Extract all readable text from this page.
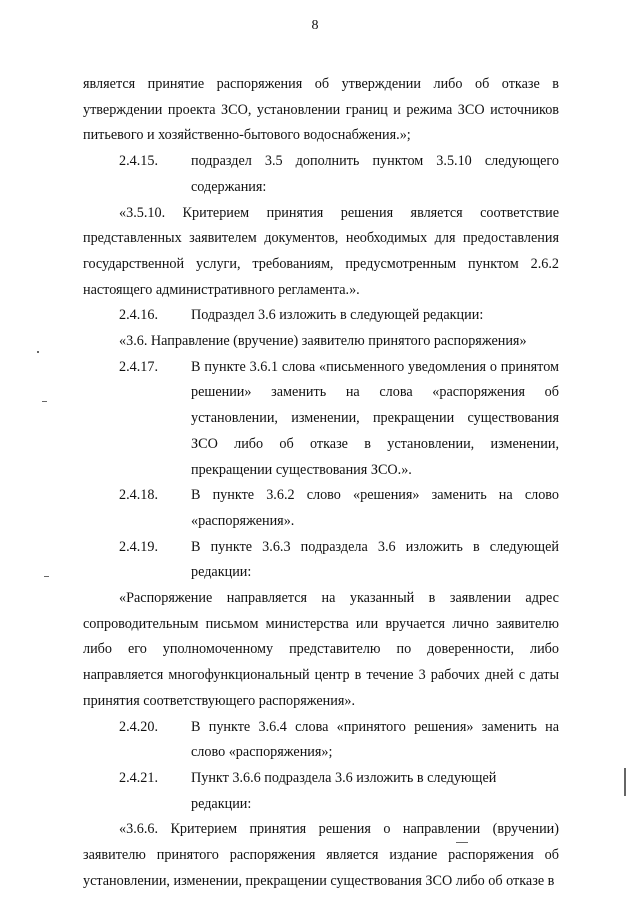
8

является принятие распоряжения об утверждении либо об отказе в утверждении проекта ЗСО, установлении границ и режима ЗСО источников питьевого и хозяйственно-бытового водоснабжения.»;

2.4.15.	подраздел 3.5 дополнить пунктом 3.5.10 следующего содержания:

«3.5.10. Критерием принятия решения является соответствие представленных заявителем документов, необходимых для предоставления государственной услуги, требованиям, предусмотренным пунктом 2.6.2 настоящего административного регламента.».

2.4.16.	Подраздел 3.6 изложить в следующей редакции:

«3.6. Направление (вручение) заявителю принятого распоряжения»

2.4.17.	В пункте 3.6.1 слова «письменного уведомления о принятом решении» заменить на слова «распоряжения об установлении, изменении, прекращении существования ЗСО либо об отказе в установлении, изменении, прекращении существования ЗСО.».
2.4.18.	В пункте 3.6.2 слово «решения» заменить на слово «распоряжения».
2.4.19.	В пункте 3.6.3 подраздела 3.6 изложить в следующей редакции:

«Распоряжение направляется на указанный в заявлении адрес сопроводительным письмом министерства или вручается лично заявителю либо его уполномоченному представителю по доверенности, либо направляется многофункциональный центр в течение 3 рабочих дней с даты принятия соответствующего распоряжения».

2.4.20.	В пункте 3.6.4 слова «принятого решения» заменить на слово «распоряжения»;
2.4.21.	Пункт 3.6.6 подраздела 3.6 изложить в следующей редакции:

«3.6.6. Критерием принятия решения о направлении (вручении) заявителю принятого распоряжения является издание распоряжения об установлении, изменении, прекращении существования ЗСО либо об отказе в
